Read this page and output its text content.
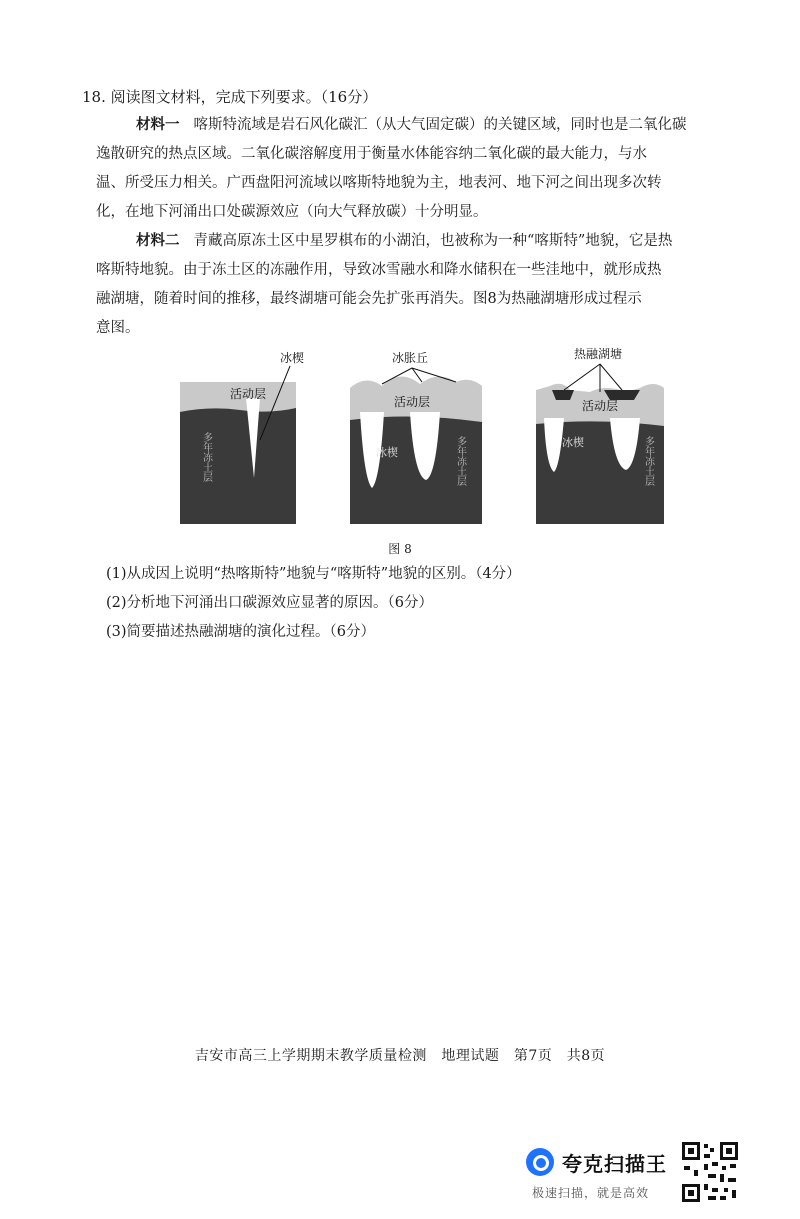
18. 阅读图文材料，完成下列要求。（16分）
材料一 喀斯特流域是岩石风化碳汇（从大气固定碳）的关键区域，同时也是二氧化碳
逸散研究的热点区域。二氧化碳溶解度用于衡量水体能容纳二氧化碳的最大能力，与水
温、所受压力相关。广西盘阳河流域以喀斯特地貌为主，地表河、地下河之间出现多次转
化，在地下河涌出口处碳源效应（向大气释放碳）十分明显。
材料二 青藏高原冻土区中星罗棋布的小湖泊，也被称为一种“喀斯特”地貌，它是热
喀斯特地貌。由于冻土区的冻融作用，导致冰雪融水和降水储积在一些洼地中，就形成热
融湖塘，随着时间的推移，最终湖塘可能会先扩张再消失。图8为热融湖塘形成过程示
意图。
活动层
冰楔
多年冻土层
冰胀丘
活动层
冰楔	多年冻土层
热融湖塘
活动层
冰楔	多年冻土层
图 8
(1)从成因上说明“热喀斯特”地貌与“喀斯特”地貌的区别。（4分）
(2)分析地下河涌出口碳源效应显著的原因。（6分）
(3)简要描述热融湖塘的演化过程。（6分）
吉安市高三上学期期末教学质量检测　地理试题　第7页　共8页
夸克扫描王
极速扫描，就是高效
